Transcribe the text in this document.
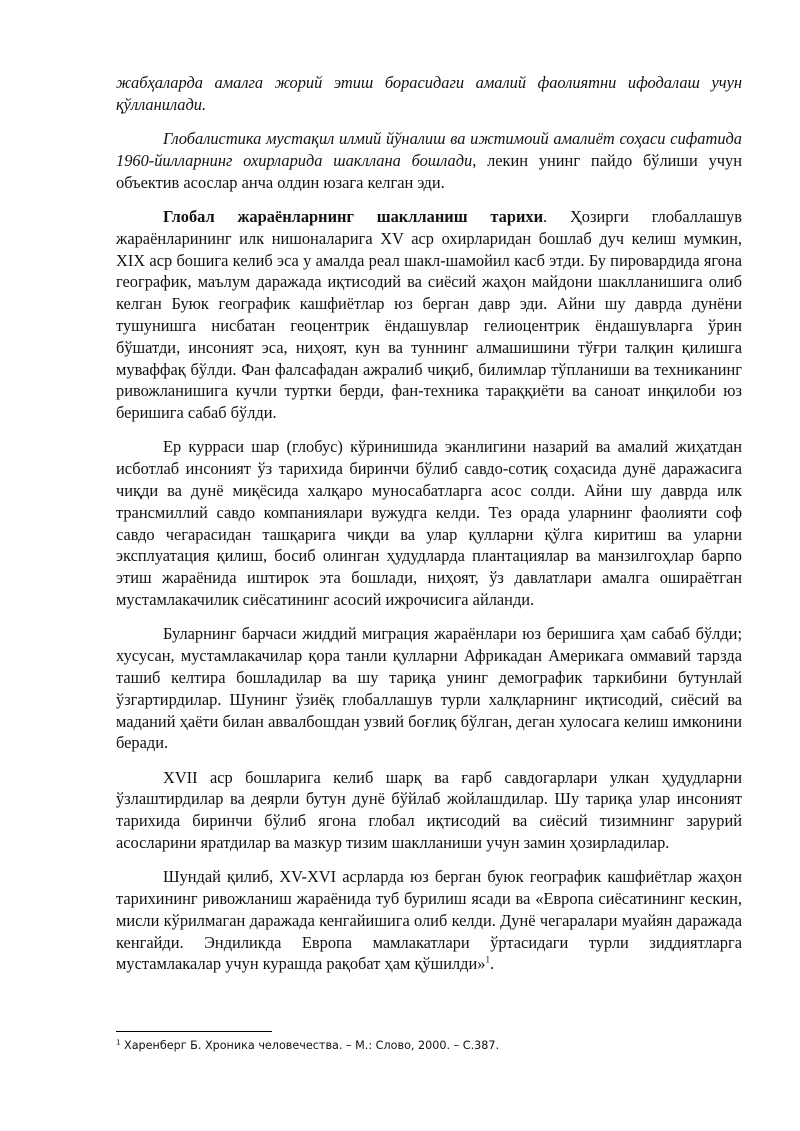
жабҳаларда амалга жорий этиш борасидаги амалий фаолиятни ифодалаш учун қўлланилади.

Глобалистика мустақил илмий йўналиш ва ижтимоий амалиёт соҳаси сифатида 1960-йилларнинг охирларида шакллана бошлади, лекин унинг пайдо бўлиши учун объектив асослар анча олдин юзага келган эди.

Глобал жараёнларнинг шаклланиш тарихи. Ҳозирги глобаллашув жараёнларининг илк нишоналарига XV аср охирларидан бошлаб дуч келиш мумкин, XIX аср бошига келиб эса у амалда реал шакл-шамойил касб этди. Бу пировардида ягона географик, маълум даражада иқтисодий ва сиёсий жаҳон майдони шаклланишига олиб келган Буюк географик кашфиётлар юз берган давр эди. Айни шу даврда дунёни тушунишга нисбатан геоцентрик ёндашувлар гелиоцентрик ёндашувларга ўрин бўшатди, инсоният эса, ниҳоят, кун ва туннинг алмашишини тўғри талқин қилишга муваффақ бўлди. Фан фалсафадан ажралиб чиқиб, билимлар тўпланиши ва техниканинг ривожланишига кучли туртки берди, фан-техника тараққиёти ва саноат инқилоби юз беришига сабаб бўлди.

Ер курраси шар (глобус) кўринишида эканлигини назарий ва амалий жиҳатдан исботлаб инсоният ўз тарихида биринчи бўлиб савдо-сотиқ соҳасида дунё даражасига чиқди ва дунё миқёсида халқаро муносабатларга асос солди. Айни шу даврда илк трансмиллий савдо компаниялари вужудга келди. Тез орада уларнинг фаолияти соф савдо чегарасидан ташқарига чиқди ва улар қулларни қўлга киритиш ва уларни эксплуатация қилиш, босиб олинган ҳудудларда плантациялар ва манзилгоҳлар барпо этиш жараёнида иштирок эта бошлади, ниҳоят, ўз давлатлари амалга ошираётган мустамлакачилик сиёсатининг асосий ижрочисига айланди.

Буларнинг барчаси жиддий миграция жараёнлари юз беришига ҳам сабаб бўлди; хусусан, мустамлакачилар қора танли қулларни Африкадан Америкага оммавий тарзда ташиб келтира бошладилар ва шу тариқа унинг демографик таркибини бутунлай ўзгартирдилар. Шунинг ўзиёқ глобаллашув турли халқларнинг иқтисодий, сиёсий ва маданий ҳаёти билан аввалбошдан узвий боғлиқ бўлган, деган хулосага келиш имконини беради.

XVII аср бошларига келиб шарқ ва ғарб савдогарлари улкан ҳудудларни ўзлаштирдилар ва деярли бутун дунё бўйлаб жойлашдилар. Шу тариқа улар инсоният тарихида биринчи бўлиб ягона глобал иқтисодий ва сиёсий тизимнинг зарурий асосларини яратдилар ва мазкур тизим шаклланиши учун замин ҳозирладилар.

Шундай қилиб, XV-XVI асрларда юз берган буюк географик кашфиётлар жаҳон тарихининг ривожланиш жараёнида туб бурилиш ясади ва «Европа сиёсатининг кескин, мисли кўрилмаган даражада кенгайишига олиб келди. Дунё чегаралари муайян даражада кенгайди. Эндиликда Европа мамлакатлари ўртасидаги турли зиддиятларга мустамлакалар учун курашда рақобат ҳам қўшилди»$^1$.

$^1$ Харенберг Б. Хроника человечества. – М.: Слово, 2000. – С.387.
